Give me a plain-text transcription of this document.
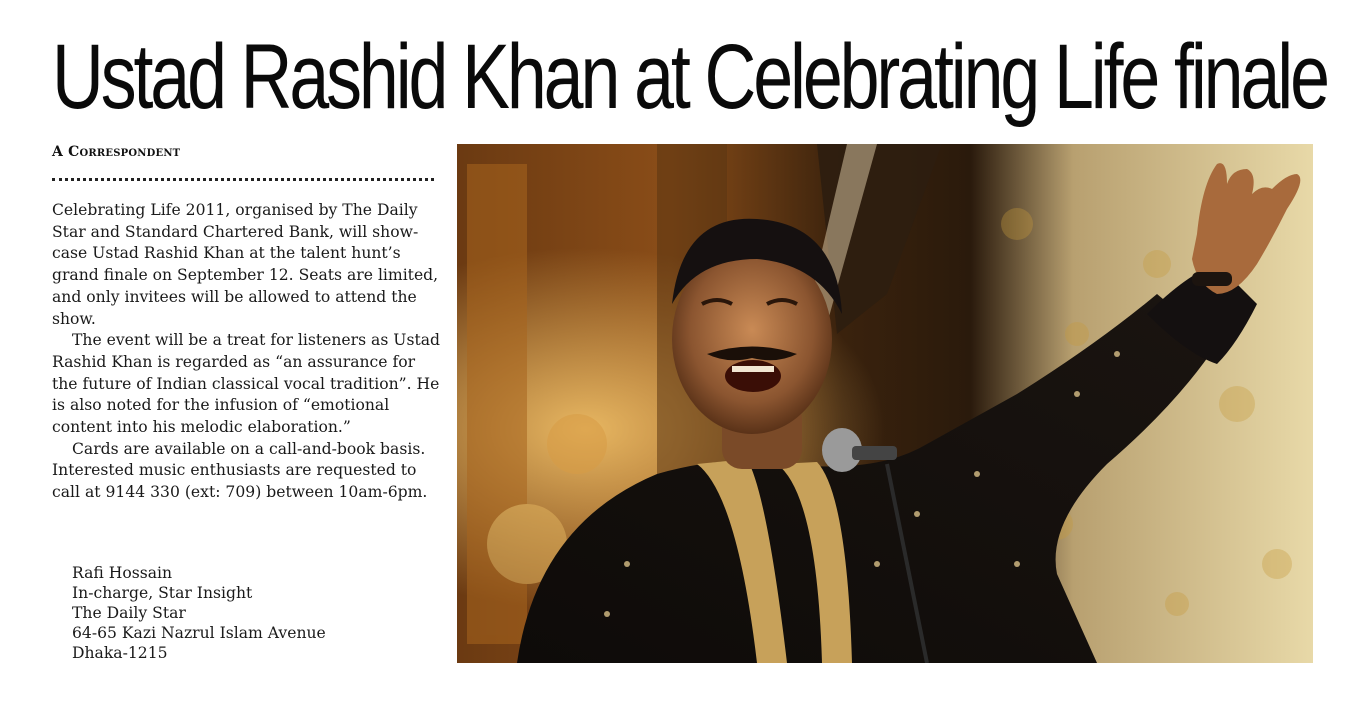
Ustad Rashid Khan at Celebrating Life finale
A Correspondent

Celebrating Life 2011, organised by The Daily Star and Standard Chartered Bank, will showcase Ustad Rashid Khan at the talent hunt’s grand finale on September 12. Seats are limited, and only invitees will be allowed to attend the show.

The event will be a treat for listeners as Ustad Rashid Khan is regarded as “an assurance for the future of Indian classical vocal tradition”. He is also noted for the infusion of “emotional content into his melodic elaboration.”

Cards are available on a call-and-book basis. Interested music enthusiasts are requested to call at 9144 330 (ext: 709) between 10am-6pm.

Rafi Hossain
In-charge, Star Insight
The Daily Star
64-65 Kazi Nazrul Islam Avenue
Dhaka-1215
